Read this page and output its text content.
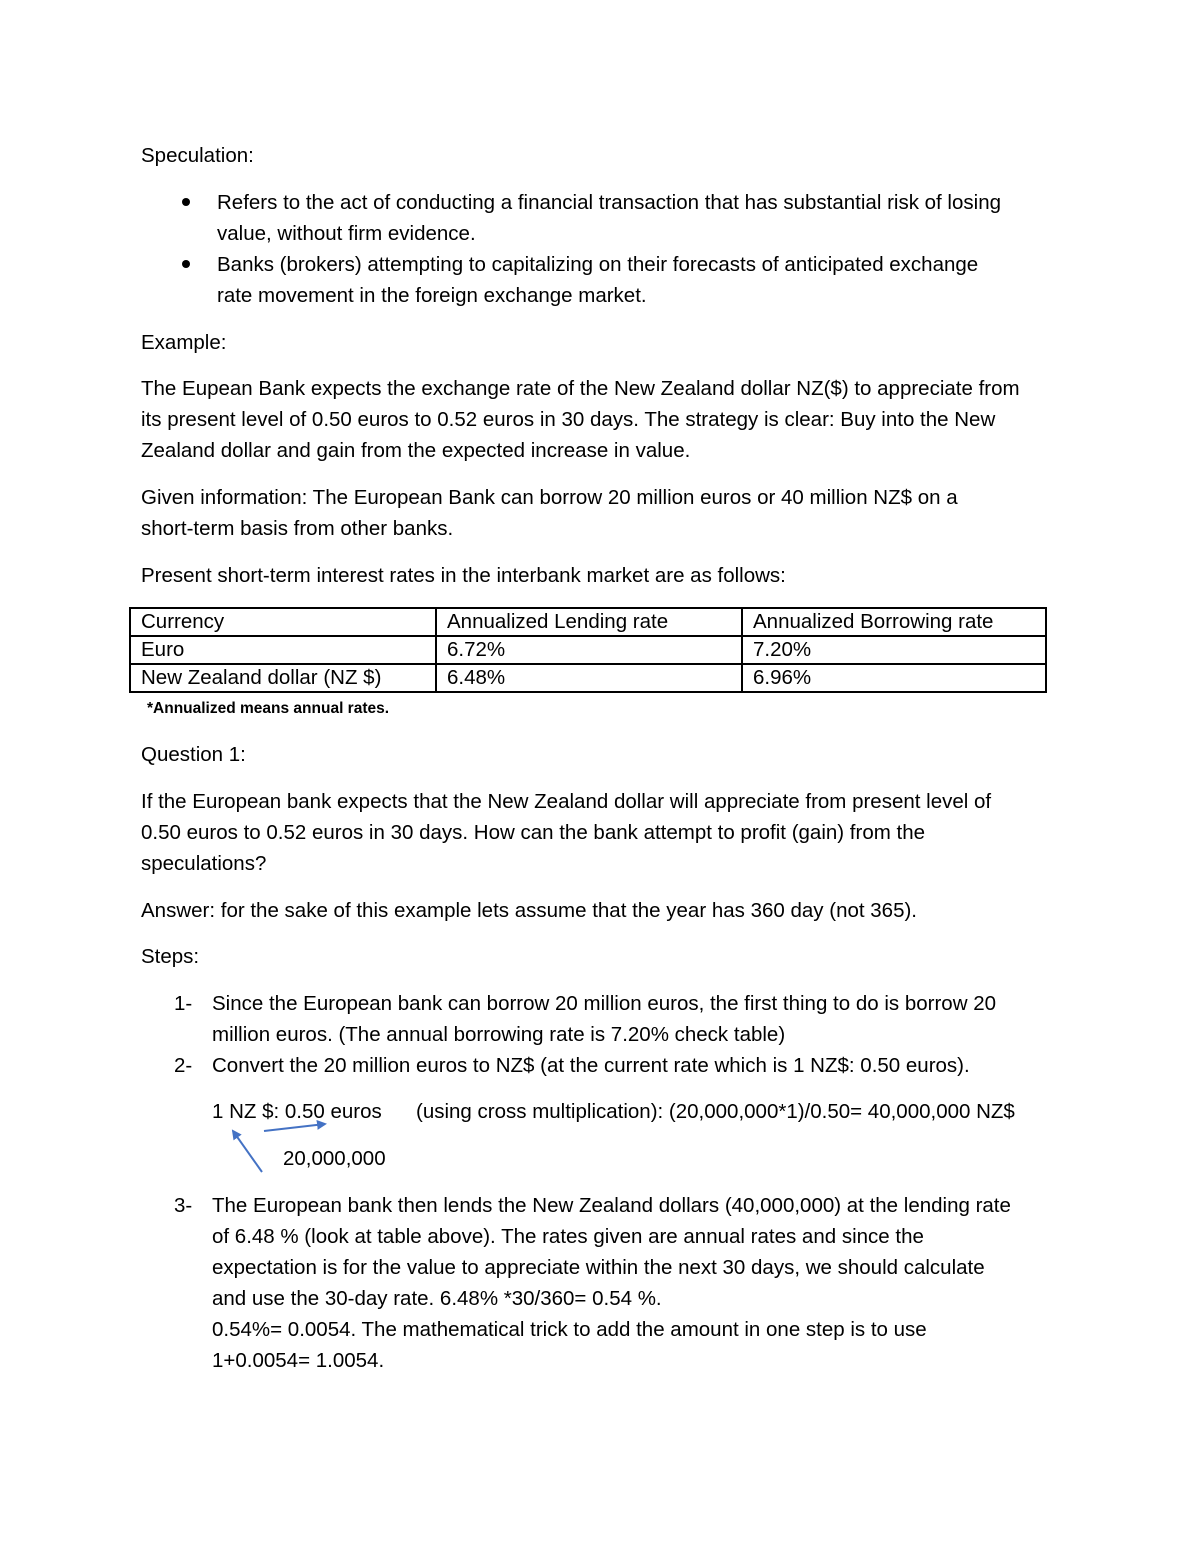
Speculation:
Refers to the act of conducting a financial transaction that has substantial risk of losing
value, without firm evidence.
Banks (brokers) attempting to capitalizing on their forecasts of anticipated exchange
rate movement in the foreign exchange market.
Example:
The Eupean Bank expects the exchange rate of the New Zealand dollar NZ($) to appreciate from
its present level of 0.50 euros to 0.52 euros in 30 days. The strategy is clear: Buy into the New
Zealand dollar and gain from the expected increase in value.
Given information: The European Bank can borrow 20 million euros or 40 million NZ$ on a
short-term basis from other banks.
Present short-term interest rates in the interbank market are as follows:
Currency	Annualized Lending rate	Annualized Borrowing rate
Euro	6.72%	7.20%
New Zealand dollar (NZ $)	6.48%	6.96%
*Annualized means annual rates.
Question 1:
If the European bank expects that the New Zealand dollar will appreciate from present level of
0.50 euros to 0.52 euros in 30 days. How can the bank attempt to profit (gain) from the
speculations?
Answer: for the sake of this example lets assume that the year has 360 day (not 365).
Steps:
1- Since the European bank can borrow 20 million euros, the first thing to do is borrow 20
million euros. (The annual borrowing rate is 7.20% check table)
2- Convert the 20 million euros to NZ$ (at the current rate which is 1 NZ$: 0.50 euros).
1 NZ $: 0.50 euros (using cross multiplication): (20,000,000*1)/0.50= 40,000,000 NZ$
20,000,000
3- The European bank then lends the New Zealand dollars (40,000,000) at the lending rate
of 6.48 % (look at table above). The rates given are annual rates and since the
expectation is for the value to appreciate within the next 30 days, we should calculate
and use the 30-day rate. 6.48% *30/360= 0.54 %.
0.54%= 0.0054. The mathematical trick to add the amount in one step is to use
1+0.0054= 1.0054.
